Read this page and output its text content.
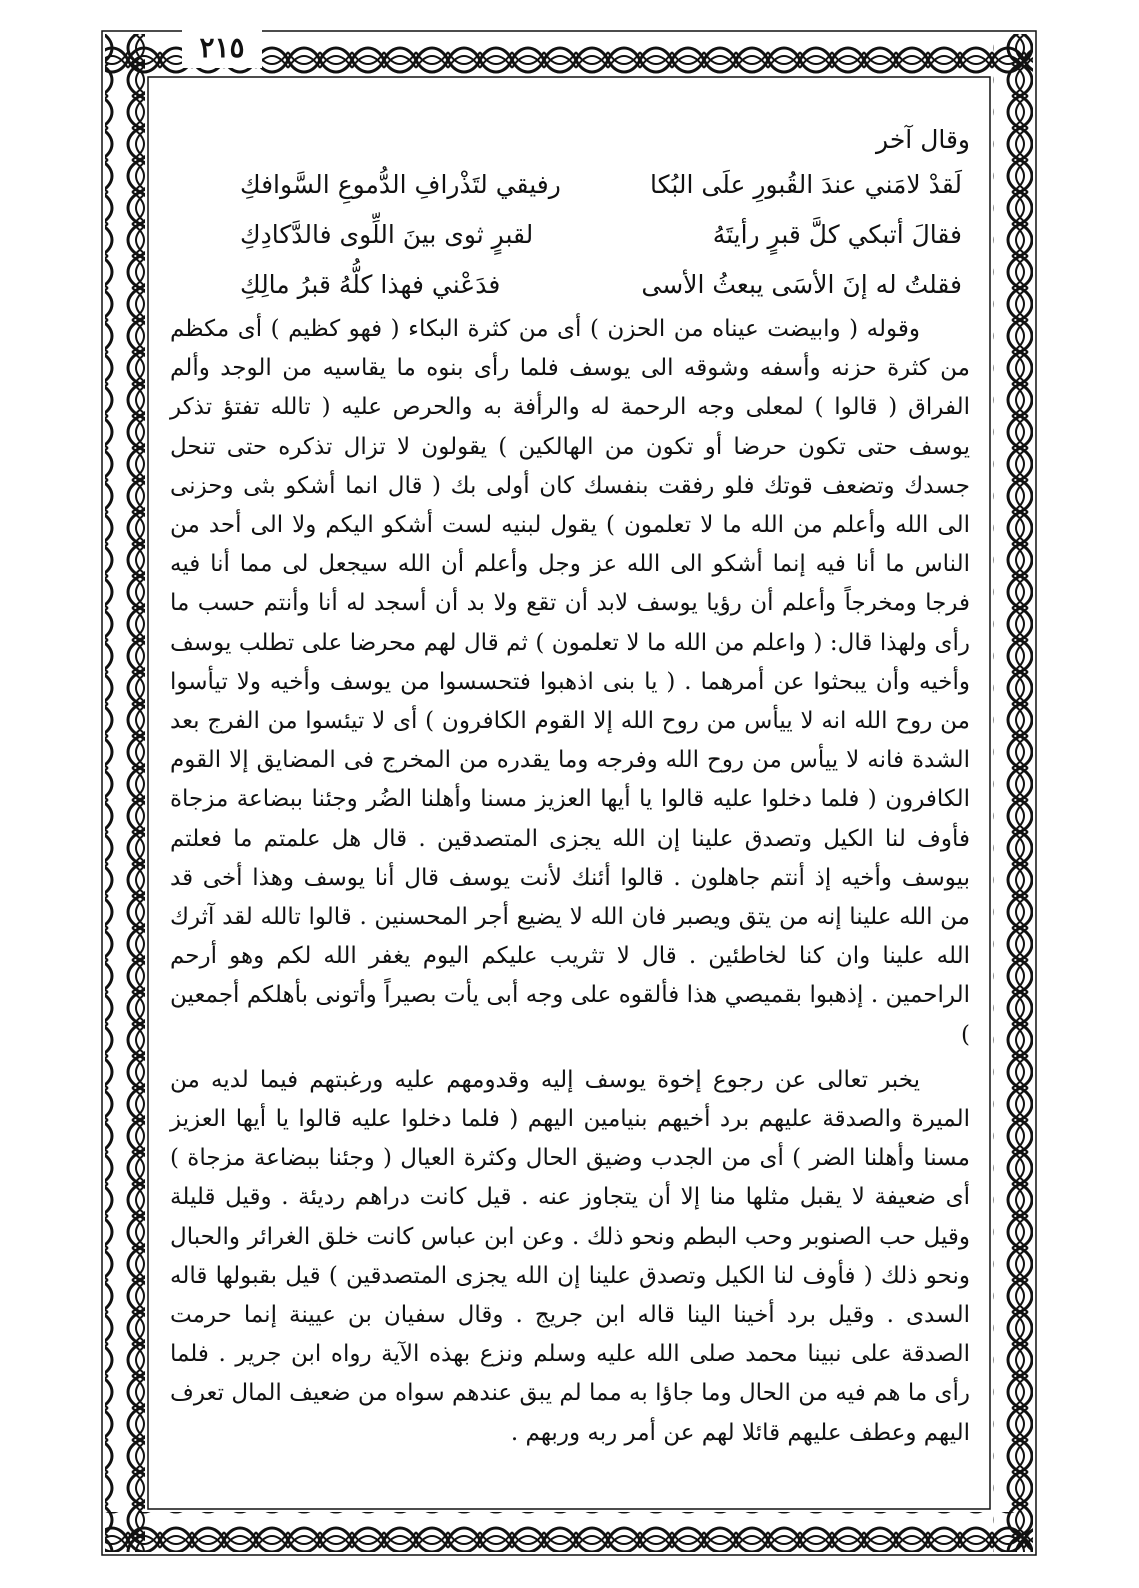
٢١٥
وقال آخر
لَقدْ لامَني عندَ القُبورِ علَى البُكا
رفيقي لتَذْرافِ الدُّموعِ السَّوافكِ
فقالَ أتبكي كلَّ قبرٍ رأيتَهُ
لقبرٍ ثوى بينَ اللِّوى فالدَّكادِكِ
فقلتُ له إنَ الأسَى يبعثُ الأسى
فدَعْني فهذا كلُّهُ قبرُ مالِكِ

وقوله ( وابيضت عيناه من الحزن ) أى من كثرة البكاء ( فهو كظيم ) أى مكظم من كثرة حزنه وأسفه وشوقه الى يوسف فلما رأى بنوه ما يقاسيه من الوجد وألم الفراق ( قالوا ) لمعلى وجه الرحمة له والرأفة به والحرص عليه ( تالله تفتؤ تذكر يوسف حتى تكون حرضا أو تكون من الهالكين ) يقولون لا تزال تذكره حتى تنحل جسدك وتضعف قوتك فلو رفقت بنفسك كان أولى بك ( قال انما أشكو بثى وحزنى الى الله وأعلم من الله ما لا تعلمون ) يقول لبنيه لست أشكو اليكم ولا الى أحد من الناس ما أنا فيه إنما أشكو الى الله عز وجل وأعلم أن الله سيجعل لى مما أنا فيه فرجا ومخرجاً وأعلم أن رؤيا يوسف لابد أن تقع ولا بد أن أسجد له أنا وأنتم حسب ما رأى ولهذا قال: ( واعلم من الله ما لا تعلمون ) ثم قال لهم محرضا على تطلب يوسف وأخيه وأن يبحثوا عن أمرهما . ( يا بنى اذهبوا فتحسسوا من يوسف وأخيه ولا تيأسوا من روح الله انه لا ييأس من روح الله إلا القوم الكافرون ) أى لا تيئسوا من الفرج بعد الشدة فانه لا ييأس من روح الله وفرجه وما يقدره من المخرج فى المضايق إلا القوم الكافرون ( فلما دخلوا عليه قالوا يا أيها العزيز مسنا وأهلنا الضُر وجئنا ببضاعة مزجاة فأوف لنا الكيل وتصدق علينا إن الله يجزى المتصدقين . قال هل علمتم ما فعلتم بيوسف وأخيه إذ أنتم جاهلون . قالوا أئنك لأنت يوسف قال أنا يوسف وهذا أخى قد من الله علينا إنه من يتق ويصبر فان الله لا يضيع أجر المحسنين . قالوا تالله لقد آثرك الله علينا وان كنا لخاطئين . قال لا تثريب عليكم اليوم يغفر الله لكم وهو أرحم الراحمين . إذهبوا بقميصي هذا فألقوه على وجه أبى يأت بصيراً وأتونى بأهلكم أجمعين )

يخبر تعالى عن رجوع إخوة يوسف إليه وقدومهم عليه ورغبتهم فيما لديه من الميرة والصدقة عليهم برد أخيهم بنيامين اليهم ( فلما دخلوا عليه قالوا يا أيها العزيز مسنا وأهلنا الضر ) أى من الجدب وضيق الحال وكثرة العيال ( وجئنا ببضاعة مزجاة ) أى ضعيفة لا يقبل مثلها منا إلا أن يتجاوز عنه . قيل كانت دراهم رديئة . وقيل قليلة وقيل حب الصنوبر وحب البطم ونحو ذلك . وعن ابن عباس كانت خلق الغرائر والحبال ونحو ذلك ( فأوف لنا الكيل وتصدق علينا إن الله يجزى المتصدقين ) قيل بقبولها قاله السدى . وقيل برد أخينا الينا قاله ابن جريج . وقال سفيان بن عيينة إنما حرمت الصدقة على نبينا محمد صلى الله عليه وسلم ونزع بهذه الآية رواه ابن جرير . فلما رأى ما هم فيه من الحال وما جاؤا به مما لم يبق عندهم سواه من ضعيف المال تعرف اليهم وعطف عليهم قائلا لهم عن أمر ربه وربهم .
